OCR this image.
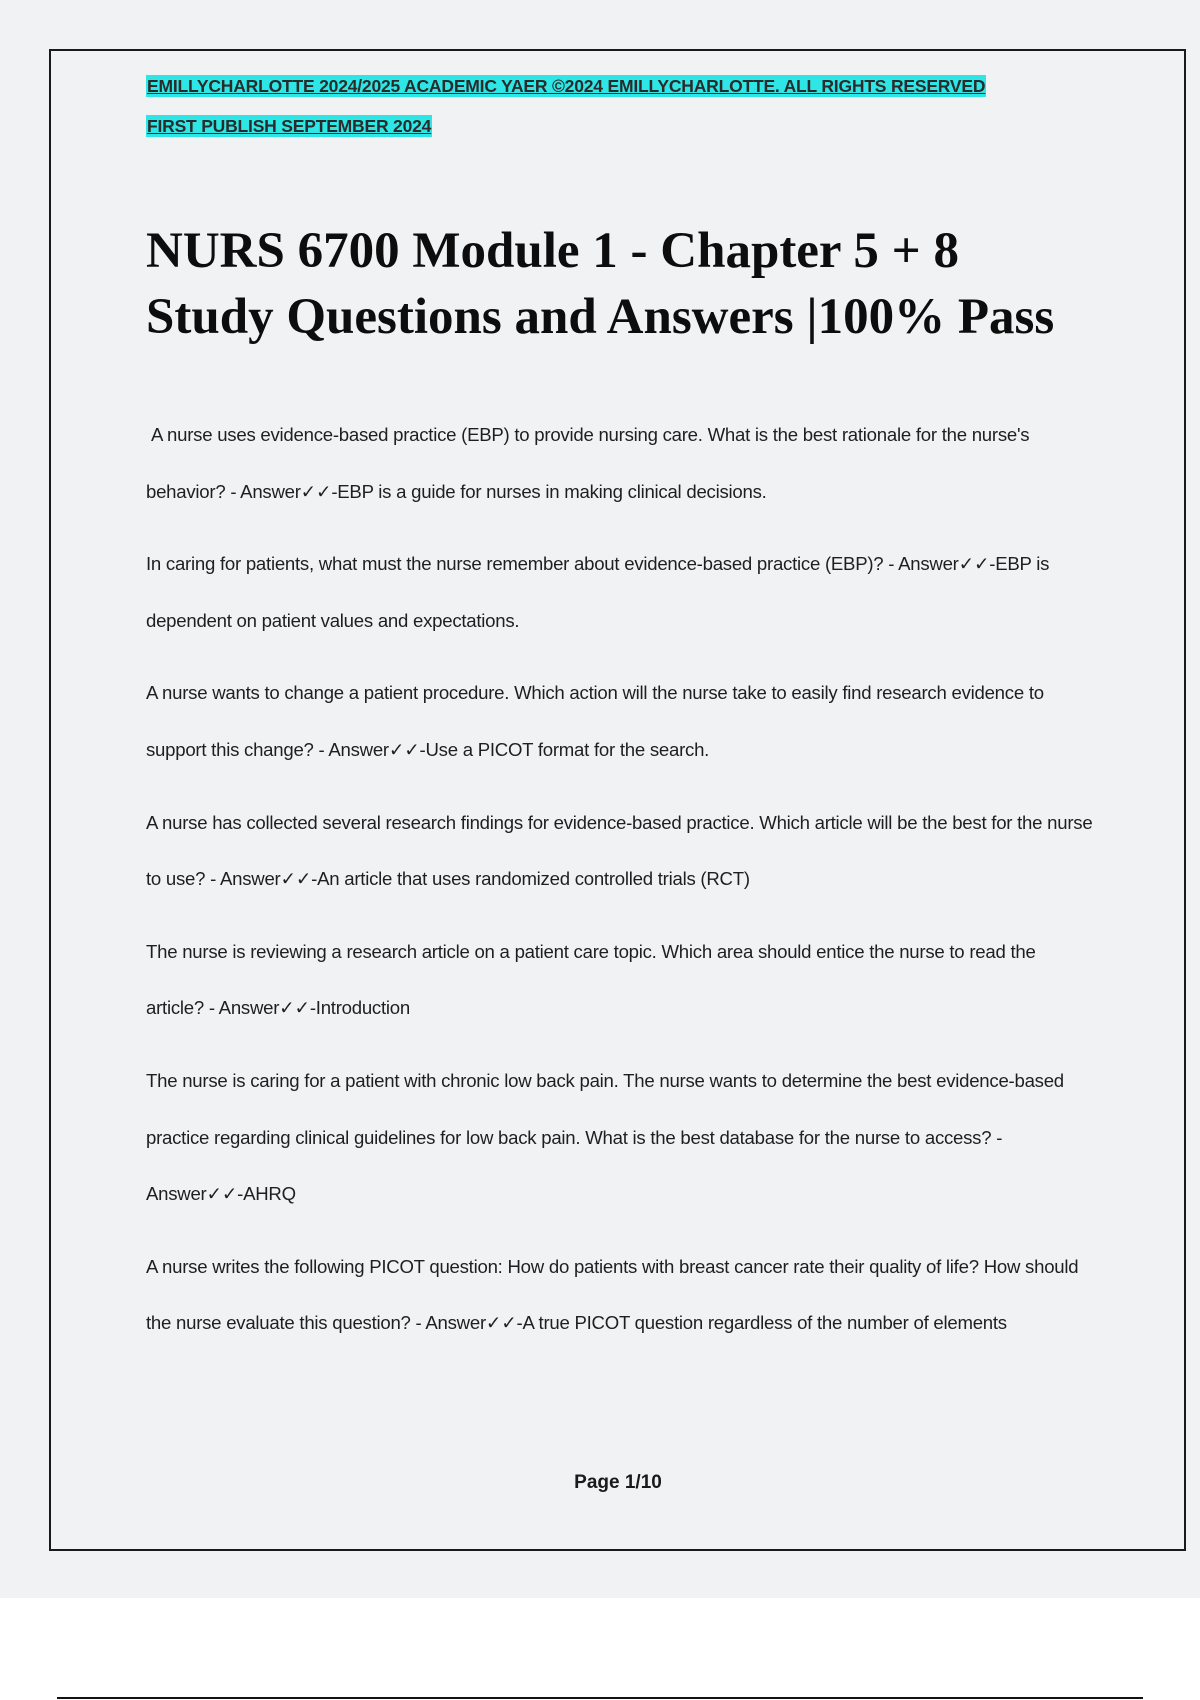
EMILLYCHARLOTTE 2024/2025 ACADEMIC YAER ©2024 EMILLYCHARLOTTE. ALL RIGHTS RESERVED
FIRST PUBLISH SEPTEMBER 2024
NURS 6700 Module 1 - Chapter 5 + 8
Study Questions and Answers |100% Pass
A nurse uses evidence-based practice (EBP) to provide nursing care. What is the best rationale for the nurse's behavior? - Answer✓✓-EBP is a guide for nurses in making clinical decisions.
In caring for patients, what must the nurse remember about evidence-based practice (EBP)? - Answer✓✓-EBP is dependent on patient values and expectations.
A nurse wants to change a patient procedure. Which action will the nurse take to easily find research evidence to support this change? - Answer✓✓-Use a PICOT format for the search.
A nurse has collected several research findings for evidence-based practice. Which article will be the best for the nurse to use? - Answer✓✓-An article that uses randomized controlled trials (RCT)
The nurse is reviewing a research article on a patient care topic. Which area should entice the nurse to read the article? - Answer✓✓-Introduction
The nurse is caring for a patient with chronic low back pain. The nurse wants to determine the best evidence-based practice regarding clinical guidelines for low back pain. What is the best database for the nurse to access? - Answer✓✓-AHRQ
A nurse writes the following PICOT question: How do patients with breast cancer rate their quality of life? How should the nurse evaluate this question? - Answer✓✓-A true PICOT question regardless of the number of elements
Page 1/10
